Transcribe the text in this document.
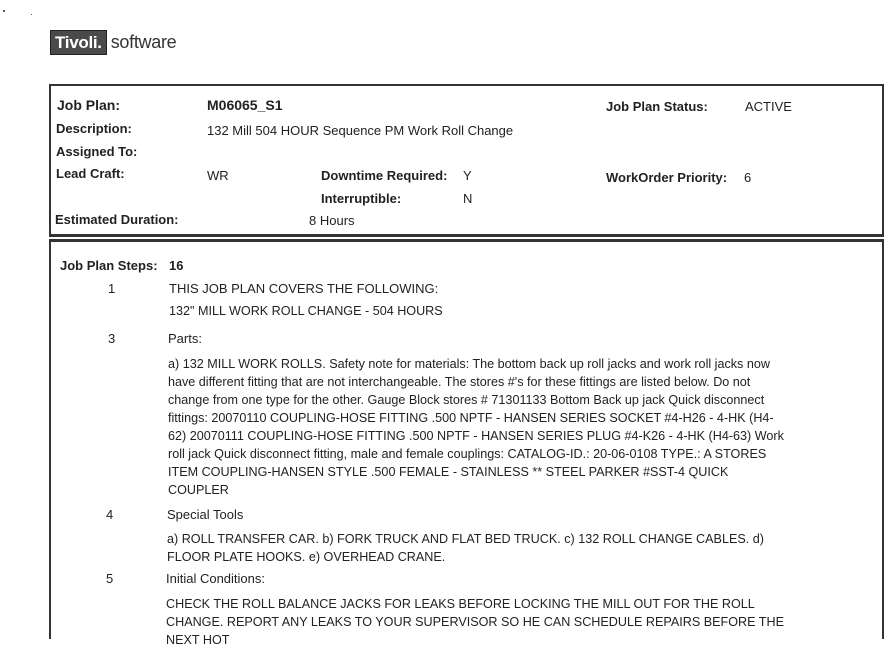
Tivoli. software
Job Plan:	M06065_S1	Job Plan Status:	ACTIVE
Description:	132 Mill 504 HOUR Sequence PM Work Roll Change
Assigned To:
Lead Craft:	WR	Downtime Required: Y	WorkOrder Priority: 6
Interruptible:	N
Estimated Duration:	8 Hours
Job Plan Steps: 16
1	THIS JOB PLAN COVERS THE FOLLOWING:
132" MILL WORK ROLL CHANGE - 504 HOURS
3	Parts:
a) 132 MILL WORK ROLLS. Safety note for materials: The bottom back up roll jacks and work roll jacks now
have different fitting that are not interchangeable. The stores #'s for these fittings are listed below. Do not
change from one type for the other. Gauge Block stores # 71301133 Bottom Back up jack Quick disconnect
fittings: 20070110 COUPLING-HOSE FITTING .500 NPTF - HANSEN SERIES SOCKET #4-H26 - 4-HK (H4-
62) 20070111 COUPLING-HOSE FITTING .500 NPTF - HANSEN SERIES PLUG #4-K26 - 4-HK (H4-63) Work
roll jack Quick disconnect fitting, male and female couplings: CATALOG-ID.: 20-06-0108 TYPE.: A STORES
ITEM COUPLING-HANSEN STYLE .500 FEMALE - STAINLESS ** STEEL PARKER #SST-4 QUICK
COUPLER
4	Special Tools
a) ROLL TRANSFER CAR. b) FORK TRUCK AND FLAT BED TRUCK. c) 132 ROLL CHANGE CABLES. d)
FLOOR PLATE HOOKS. e) OVERHEAD CRANE.
5	Initial Conditions:
CHECK THE ROLL BALANCE JACKS FOR LEAKS BEFORE LOCKING THE MILL OUT FOR THE ROLL
CHANGE. REPORT ANY LEAKS TO YOUR SUPERVISOR SO HE CAN SCHEDULE REPAIRS BEFORE THE
NEXT HOT
